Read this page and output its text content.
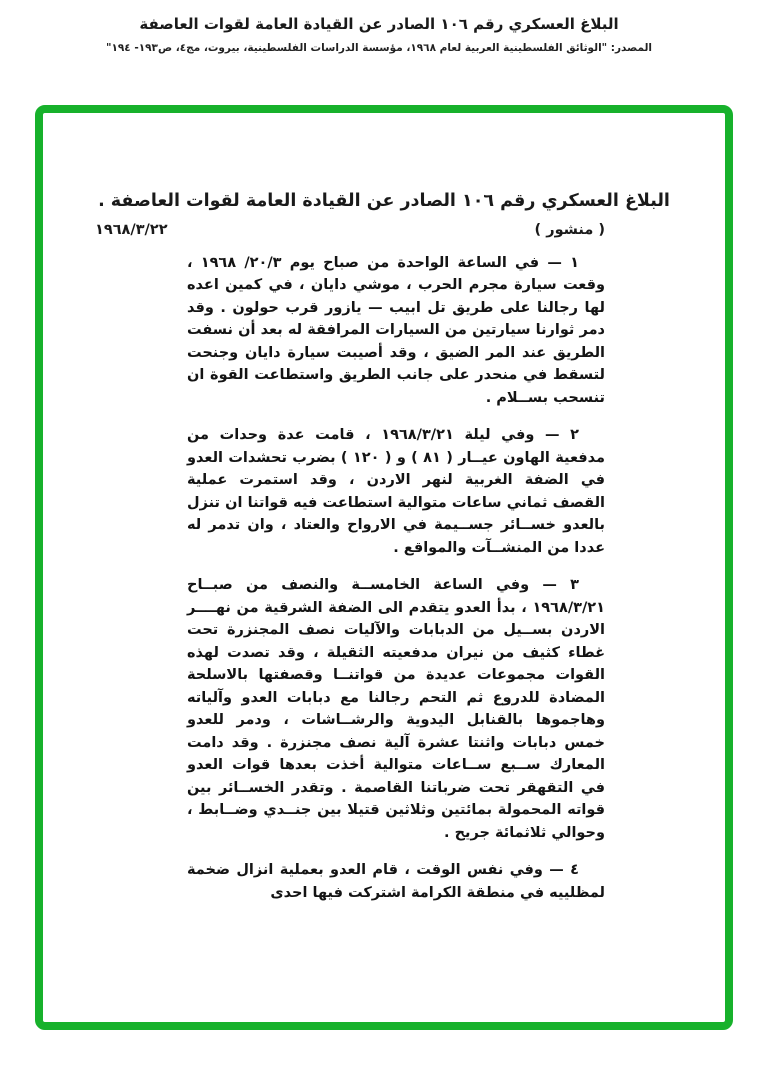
البلاغ العسكري رقم ١٠٦ الصادر عن القيادة العامة لقوات العاصفة
المصدر: "الوثائق الفلسطينية العربية لعام ١٩٦٨، مؤسسة الدراسات الفلسطينية، بيروت، مج٤، ص١٩٣- ١٩٤"
البلاغ العسكري رقم ١٠٦ الصادر عن القيادة العامة لقوات العاصفة .
( منشور )
١٩٦٨/٣/٢٢

١ — في الساعة الواحدة من صباح يوم ٢٠/٣/ ١٩٦٨ ، وقعت سيارة مجرم الحرب ، موشي دايان ، في كمين اعده لها رجالنا على طريق تل ابيب — يازور قرب حولون . وقد دمر ثوارنا سيارتين من السيارات المرافقة له بعد أن نسفت الطريق عند المر الضيق ، وقد أصيبت سيارة دايان وجنحت لتسقط في منحدر على جانب الطريق واستطاعت القوة ان تنسحب بســلام .

٢ — وفي ليلة ١٩٦٨/٣/٢١ ، قامت عدة وحدات من مدفعية الهاون عيــار ( ٨١ ) و ( ١٢٠ ) بضرب تحشدات العدو في الضفة الغربية لنهر الاردن ، وقد استمرت عملية القصف ثماني ساعات متوالية استطاعت فيه قواتنا ان تنزل بالعدو خســائر جســيمة في الارواح والعتاد ، وان تدمر له عددا من المنشــآت والمواقع .

٣ — وفي الساعة الخامســة والنصف من صبــاح ١٩٦٨/٣/٢١ ، بدأ العدو يتقدم الى الضفة الشرقية من نهــــر الاردن بســيل من الدبابات والآليات نصف المجنزرة تحت غطاء كثيف من نيران مدفعيته الثقيلة ، وقد تصدت لهذه القوات مجموعات عديدة من قواتنــا وقصفتها بالاسلحة المضادة للدروع ثم التحم رجالنا مع دبابات العدو وآلياته وهاجموها بالقنابل اليدوية والرشــاشات ، ودمر للعدو خمس دبابات واثنتا عشرة آلية نصف مجنزرة . وقد دامت المعارك ســبع ســاعات متوالية أخذت بعدها قوات العدو في التقهقر تحت ضرباتنا القاصمة . وتقدر الخســائر بين قواته المحمولة بمائتين وثلاثين قتيلا بين جنــدي وضــابط ، وحوالي ثلاثمائة جريح .

٤ — وفي نفس الوقت ، قام العدو بعملية انزال ضخمة لمظلييه في منطقة الكرامة اشتركت فيها احدى
